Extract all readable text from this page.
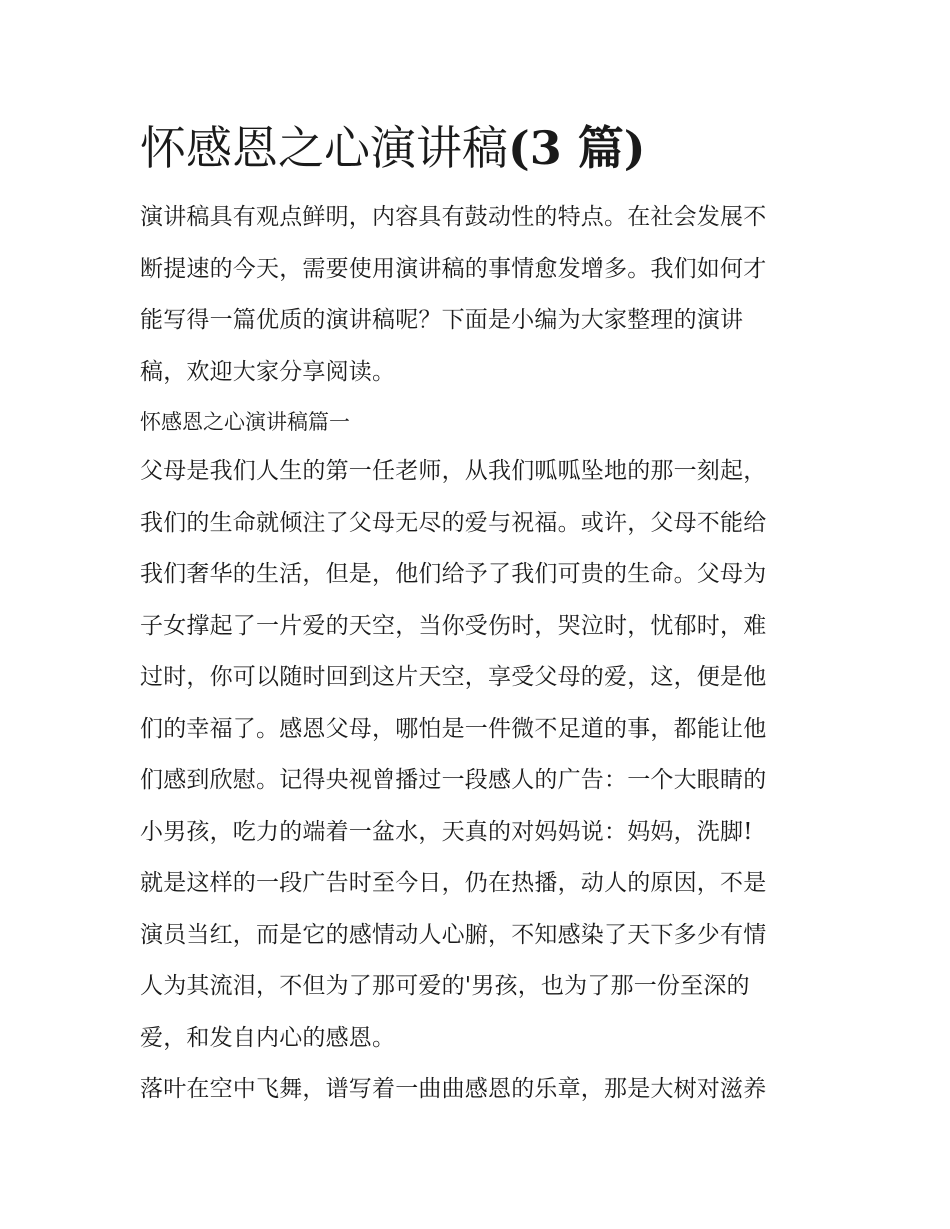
怀感恩之心演讲稿(3 篇)
演讲稿具有观点鲜明，内容具有鼓动性的特点。在社会发展不
断提速的今天，需要使用演讲稿的事情愈发增多。我们如何才
能写得一篇优质的演讲稿呢？下面是小编为大家整理的演讲
稿，欢迎大家分享阅读。
怀感恩之心演讲稿篇一
父母是我们人生的第一任老师，从我们呱呱坠地的那一刻起，
我们的生命就倾注了父母无尽的爱与祝福。或许，父母不能给
我们奢华的生活，但是，他们给予了我们可贵的生命。父母为
子女撑起了一片爱的天空，当你受伤时，哭泣时，忧郁时，难
过时，你可以随时回到这片天空，享受父母的爱，这，便是他
们的幸福了。感恩父母，哪怕是一件微不足道的事，都能让他
们感到欣慰。记得央视曾播过一段感人的广告：一个大眼睛的
小男孩，吃力的端着一盆水，天真的对妈妈说：妈妈，洗脚!
就是这样的一段广告时至今日，仍在热播，动人的原因，不是
演员当红，而是它的感情动人心腑，不知感染了天下多少有情
人为其流泪，不但为了那可爱的'男孩，也为了那一份至深的
爱，和发自内心的感恩。
落叶在空中飞舞，谱写着一曲曲感恩的乐章，那是大树对滋养
